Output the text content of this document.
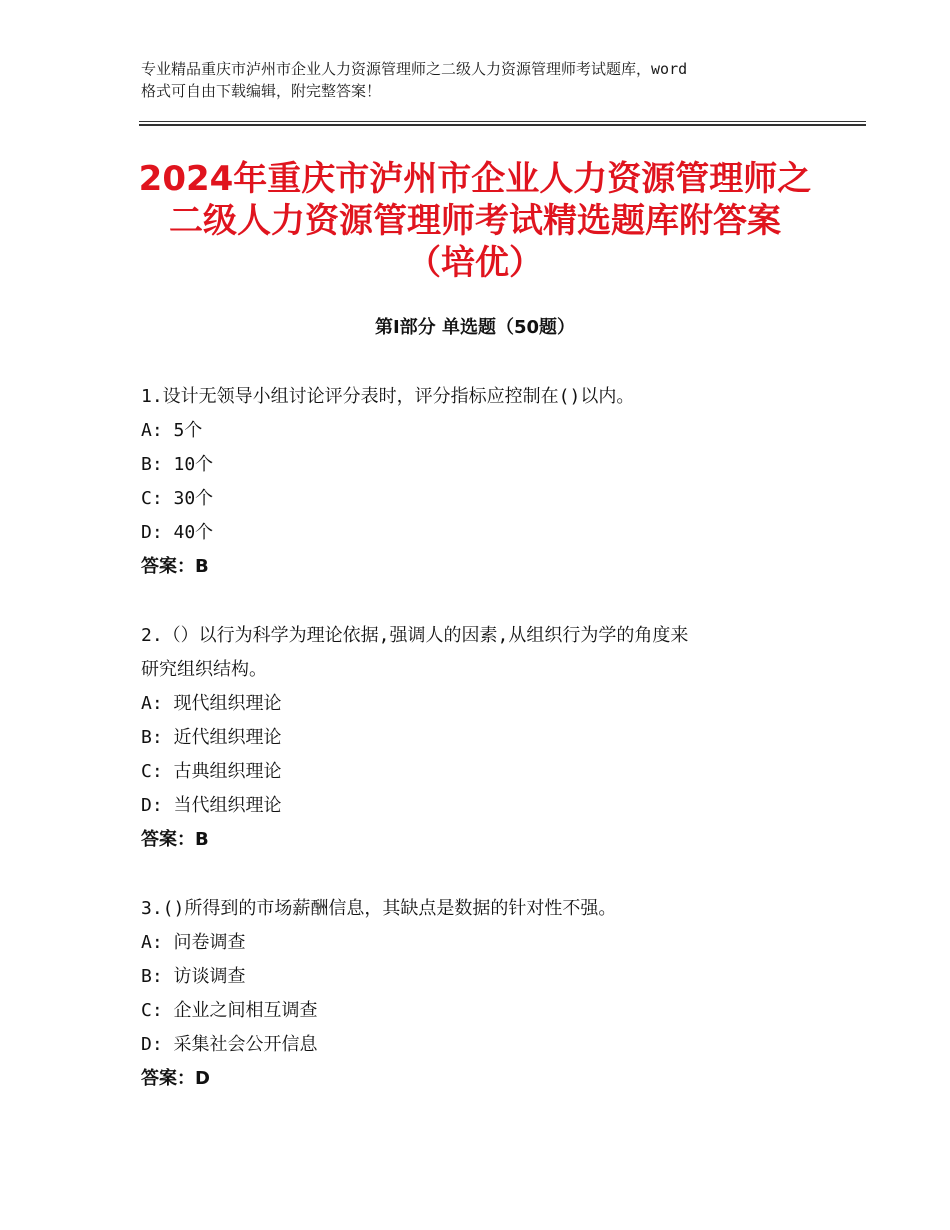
专业精品重庆市泸州市企业人力资源管理师之二级人力资源管理师考试题库，word
格式可自由下载编辑，附完整答案！
2024年重庆市泸州市企业人力资源管理师之
二级人力资源管理师考试精选题库附答案
（培优）
第Ⅰ部分 单选题（50题）
1.设计无领导小组讨论评分表时，评分指标应控制在()以内。
A: 5个
B: 10个
C: 30个
D: 40个
答案：B
2.（）以行为科学为理论依据,强调人的因素,从组织行为学的角度来
研究组织结构。
A: 现代组织理论
B: 近代组织理论
C: 古典组织理论
D: 当代组织理论
答案：B
3.()所得到的市场薪酬信息，其缺点是数据的针对性不强。
A: 问卷调查
B: 访谈调查
C: 企业之间相互调查
D: 采集社会公开信息
答案：D
